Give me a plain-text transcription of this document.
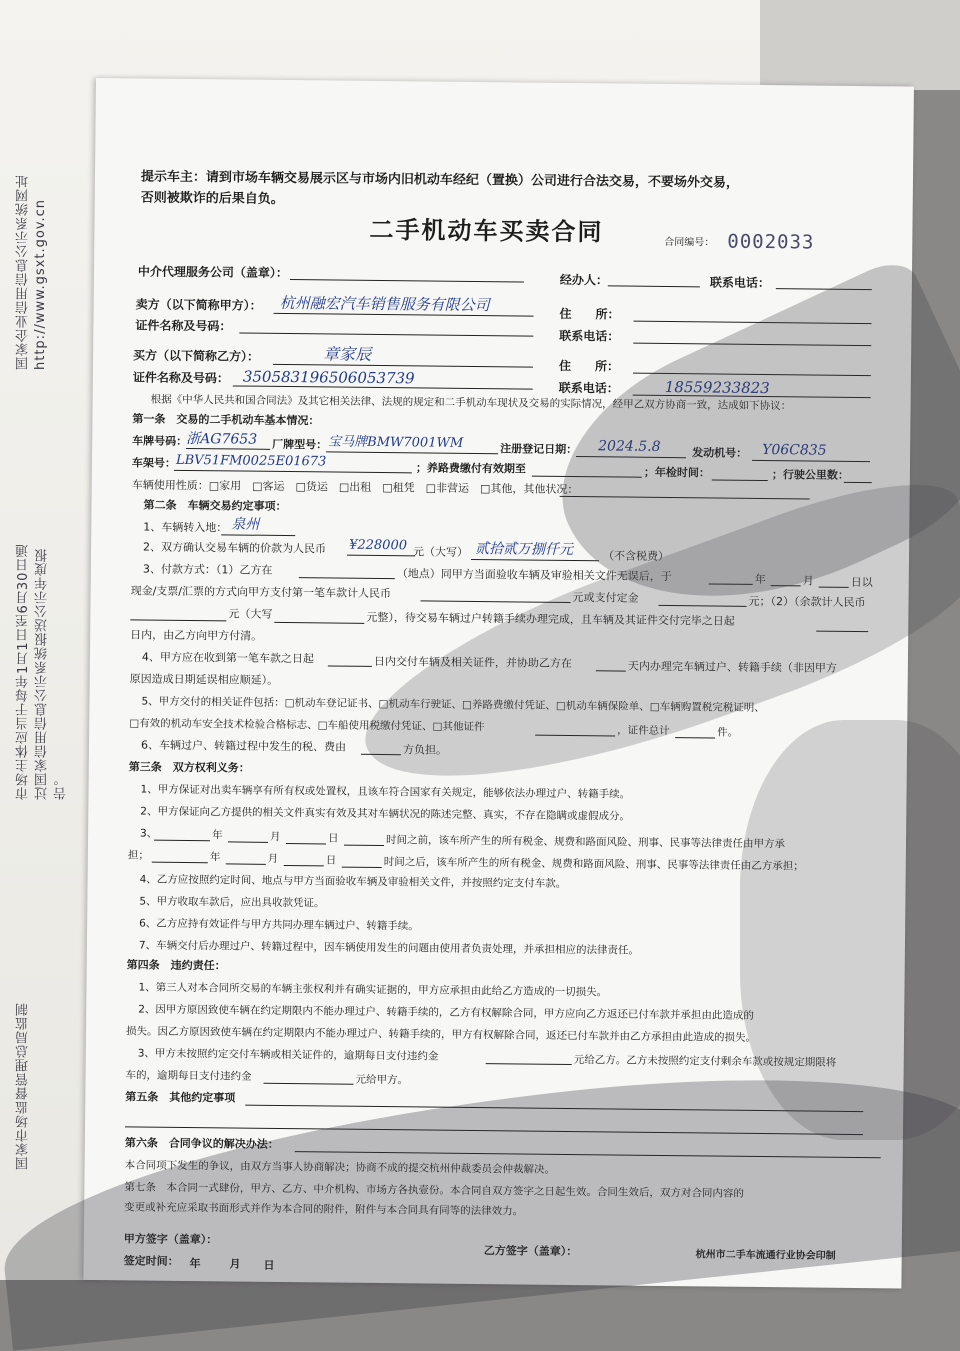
国家企业信用信息公示系统网址http://www.gsxt.gov.cn
市场主体应当于每年1月1日至6月30日通过国家信用信息公示系统报送公示年度报告。
国家市场监督管理总局监制
提示车主：请到市场车辆交易展示区与市场内旧机动车经纪（置换）公司进行合法交易，不要场外交易，
否则被欺诈的后果自负。
二手机动车买卖合同	合同编号： 0002033
中介代理服务公司（盖章）：
经办人：	联系电话：
卖方（以下简称甲方）： 杭州融宏汽车销售服务有限公司
住　　所：
证件名称及号码：
联系电话：
买方（以下简称乙方）：	章家辰
住　　所：
证件名称及号码： 350583196506053739
联系电话：	18559233823
根据《中华人民共和国合同法》及其它相关法律、法规的规定和二手机动车现状及交易的实际情况，经甲乙双方协商一致，达成如下协议：
第一条　交易的二手机动车基本情况：
车牌号码：
浙AG7653 厂牌型号： 宝马牌BMW7001WM	注册登记日期： 2024.5.8	发动机号： Y06C835
车架号： LBV51FM0025E01673	；养路费缴付有效期至	；年检时间：	；行驶公里数：
车辆使用性质：□家用　□客运　□货运　□出租　□租凭　□非营运　□其他，其他状况：
第二条　车辆交易约定事项：
1、车辆转入地： 泉州
2、双方确认交易车辆的价款为人民币 ¥228000 元（大写） 贰拾贰万捌仟元	（不含税费）
3、付款方式：（1）乙方在	（地点）同甲方当面验收车辆及审验相关文件无误后，于	年	月	日以
现金/支票/汇票的方式向甲方支付第一笔车款计人民币	元或支付定金	元；（2）（余款计人民币
元（大写	元整），待交易车辆过户转籍手续办理完成，且车辆及其证件交付完毕之日起
日内，由乙方向甲方付清。
4、甲方应在收到第一笔车款之日起	日内交付车辆及相关证件，并协助乙方在	天内办理完车辆过户、转籍手续（非因甲方
原因造成日期延误相应顺延）。
5、甲方交付的相关证件包括：□机动车登记证书、□机动车行驶证、□养路费缴付凭证、□机动车辆保险单、□车辆购置税完税证明、
□有效的机动车安全技术检验合格标志、□车船使用税缴付凭证、□其他证件	，证件总计	件。
6、车辆过户、转籍过程中发生的税、费由	方负担。
第三条　双方权利义务：
1、甲方保证对出卖车辆享有所有权或处置权，且该车符合国家有关规定，能够依法办理过户、转籍手续。
2、甲方保证向乙方提供的相关文件真实有效及其对车辆状况的陈述完整、真实，不存在隐瞒或虚假成分。
3、	年	月	日	时间之前，该车所产生的所有税金、规费和路面风险、刑事、民事等法律责任由甲方承
担；	年	月	日	时间之后，该车所产生的所有税金、规费和路面风险、刑事、民事等法律责任由乙方承担；
4、乙方应按照约定时间、地点与甲方当面验收车辆及审验相关文件，并按照约定支付车款。
5、甲方收取车款后，应出具收款凭证。
6、乙方应持有效证件与甲方共同办理车辆过户、转籍手续。
7、车辆交付后办理过户、转籍过程中，因车辆使用发生的问题由使用者负责处理，并承担相应的法律责任。
第四条　违约责任：
1、第三人对本合同所交易的车辆主张权利并有确实证据的，甲方应承担由此给乙方造成的一切损失。
2、因甲方原因致使车辆在约定期限内不能办理过户、转籍手续的，乙方有权解除合同，甲方应向乙方返还已付车款并承担由此造成的
损失。因乙方原因致使车辆在约定期限内不能办理过户、转籍手续的，甲方有权解除合同，返还已付车款并由乙方承担由此造成的损失。
3、甲方未按照约定交付车辆或相关证件的，逾期每日支付违约金	元给乙方。乙方未按照约定支付剩余车款或按规定期限将
车的，逾期每日支付违约金	元给甲方。
第五条　其他约定事项
第六条　合同争议的解决办法：
本合同项下发生的争议，由双方当事人协商解决；协商不成的提交杭州仲裁委员会仲裁解决。
第七条　本合同一式肆份，甲方、乙方、中介机构、市场方各执壹份。本合同自双方签字之日起生效。合同生效后，双方对合同内容的
变更或补充应采取书面形式并作为本合同的附件，附件与本合同具有同等的法律效力。
甲方签字（盖章）：
乙方签字（盖章）：
签定时间： 年	月 日
杭州市二手车流通行业协会印制
